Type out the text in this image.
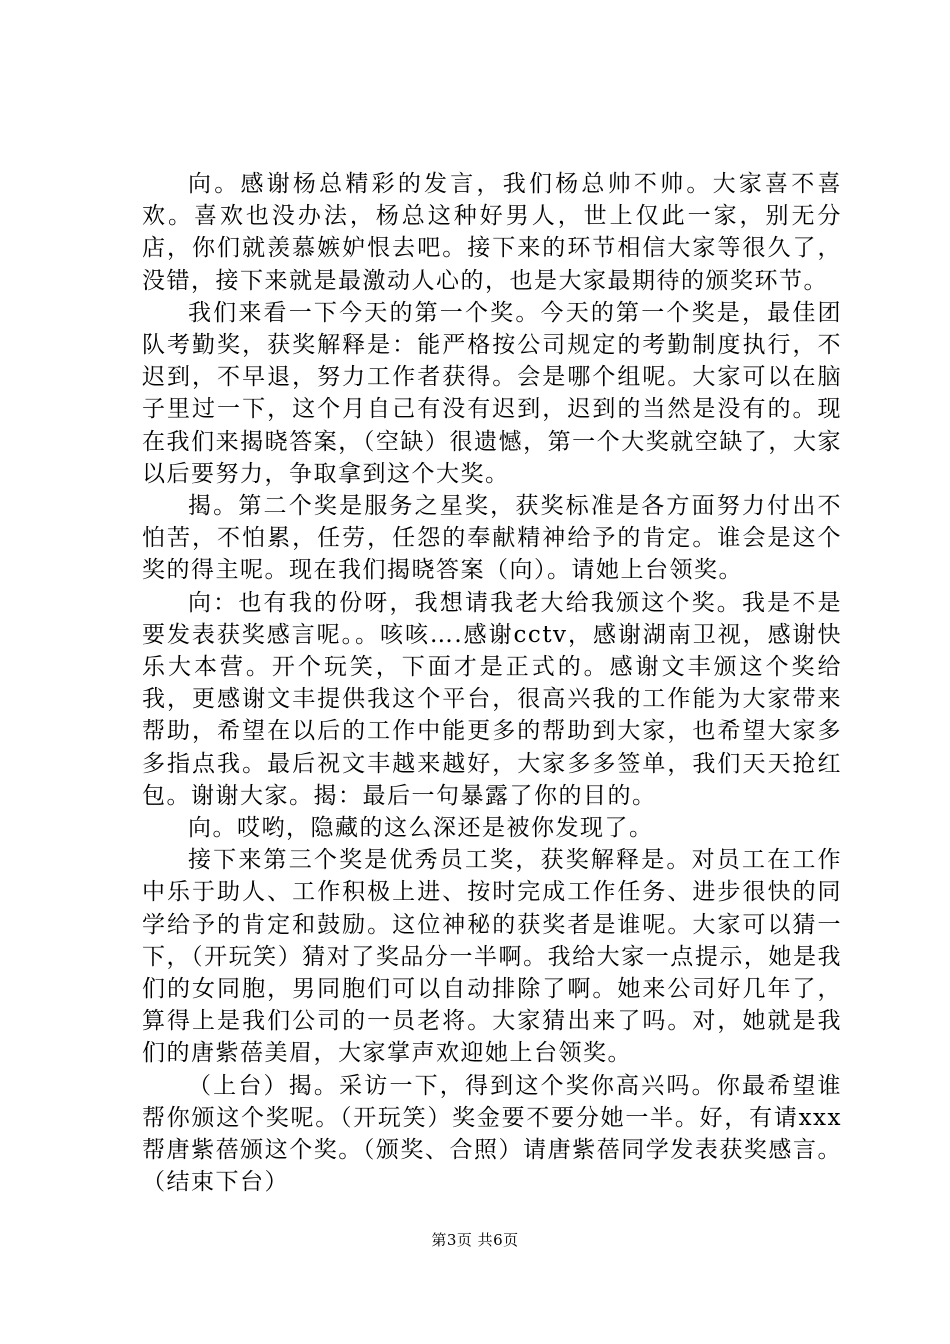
向。感谢杨总精彩的发言，我们杨总帅不帅。大家喜不喜欢。喜欢也没办法，杨总这种好男人，世上仅此一家，别无分店，你们就羡慕嫉妒恨去吧。接下来的环节相信大家等很久了，没错，接下来就是最激动人心的，也是大家最期待的颁奖环节。

我们来看一下今天的第一个奖。今天的第一个奖是，最佳团队考勤奖，获奖解释是：能严格按公司规定的考勤制度执行，不迟到，不早退，努力工作者获得。会是哪个组呢。大家可以在脑子里过一下，这个月自己有没有迟到，迟到的当然是没有的。现在我们来揭晓答案，（空缺）很遗憾，第一个大奖就空缺了，大家以后要努力，争取拿到这个大奖。

揭。第二个奖是服务之星奖，获奖标准是各方面努力付出不怕苦，不怕累，任劳，任怨的奉献精神给予的肯定。谁会是这个奖的得主呢。现在我们揭晓答案（向）。请她上台领奖。

向：也有我的份呀，我想请我老大给我颁这个奖。我是不是要发表获奖感言呢。。咳咳….感谢cctv，感谢湖南卫视，感谢快乐大本营。开个玩笑，下面才是正式的。感谢文丰颁这个奖给我，更感谢文丰提供我这个平台，很高兴我的工作能为大家带来帮助，希望在以后的工作中能更多的帮助到大家，也希望大家多多指点我。最后祝文丰越来越好，大家多多签单，我们天天抢红包。谢谢大家。揭：最后一句暴露了你的目的。

向。哎哟，隐藏的这么深还是被你发现了。

接下来第三个奖是优秀员工奖，获奖解释是。对员工在工作中乐于助人、工作积极上进、按时完成工作任务、进步很快的同学给予的肯定和鼓励。这位神秘的获奖者是谁呢。大家可以猜一下，（开玩笑）猜对了奖品分一半啊。我给大家一点提示，她是我们的女同胞，男同胞们可以自动排除了啊。她来公司好几年了，算得上是我们公司的一员老将。大家猜出来了吗。对，她就是我们的唐紫蓓美眉，大家掌声欢迎她上台领奖。

（上台）揭。采访一下，得到这个奖你高兴吗。你最希望谁帮你颁这个奖呢。（开玩笑）奖金要不要分她一半。好，有请xxx帮唐紫蓓颁这个奖。（颁奖、合照）请唐紫蓓同学发表获奖感言。（结束下台）

第3页 共6页
